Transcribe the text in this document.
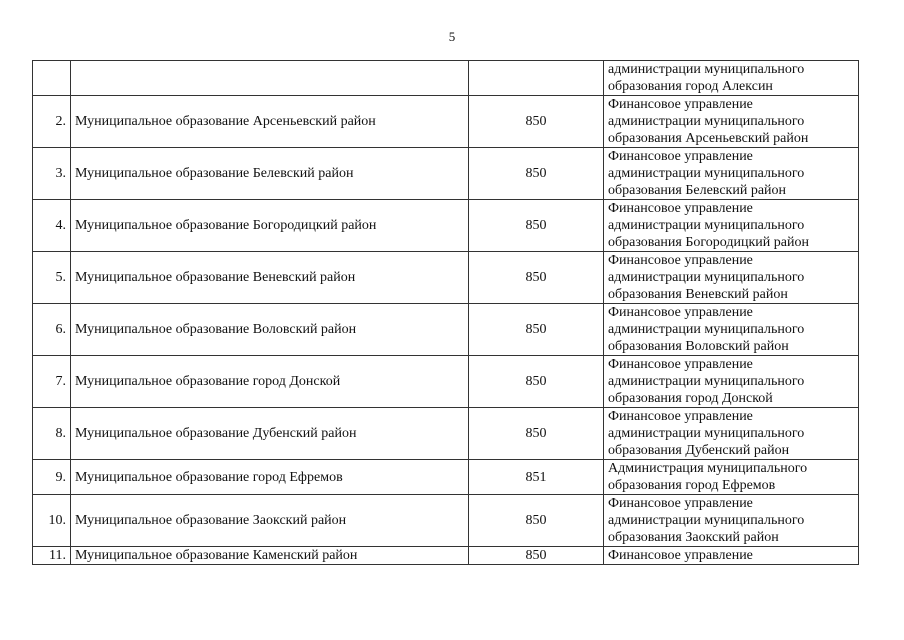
5

			администрации муниципального
образования город Алексин

2.	Муниципальное образование Арсеньевский район	850	Финансовое управление
администрации муниципального
образования Арсеньевский район

3.	Муниципальное образование Белевский район	850	Финансовое управление
администрации муниципального
образования Белевский район

4.	Муниципальное образование Богородицкий район	850	Финансовое управление
администрации муниципального
образования Богородицкий район

5.	Муниципальное образование Веневский район	850	Финансовое управление
администрации муниципального
образования Веневский район

6.	Муниципальное образование Воловский район	850	Финансовое управление
администрации муниципального
образования Воловский район

7.	Муниципальное образование город Донской	850	Финансовое управление
администрации муниципального
образования город Донской

8.	Муниципальное образование Дубенский район	850	Финансовое управление
администрации муниципального
образования Дубенский район

9.	Муниципальное образование город Ефремов	851	Администрация муниципального
образования город Ефремов

10.	Муниципальное образование Заокский район	850	Финансовое управление
администрации муниципального
образования Заокский район

11.	Муниципальное образование Каменский район	850	Финансовое управление
